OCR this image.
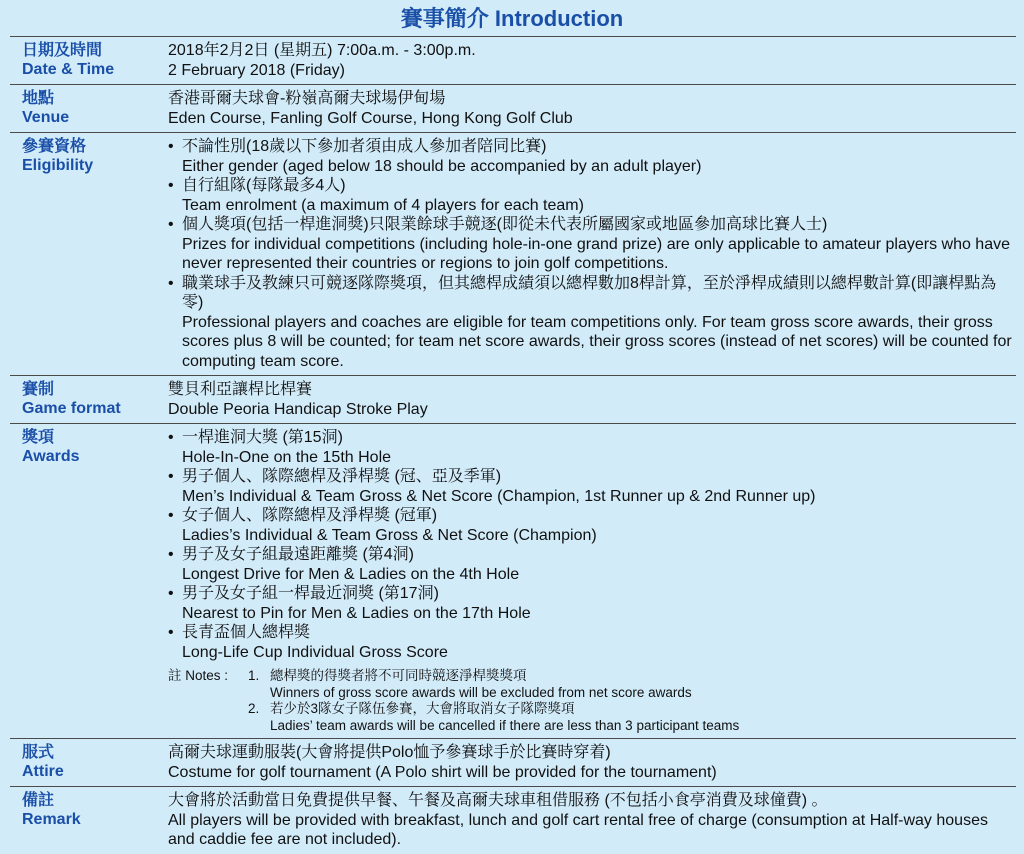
賽事簡介 Introduction
日期及時間
Date & Time

2018年2月2日 (星期五) 7:00a.m. - 3:00p.m.

2 February 2018 (Friday)

地點
Venue

香港哥爾夫球會-粉嶺高爾夫球場伊甸場

Eden Course, Fanling Golf Course, Hong Kong Golf Club

參賽資格
Eligibility
• 不論性別(18歲以下參加者須由成人參加者陪同比賽)

Either gender (aged below 18 should be accompanied by an adult player)

• 自行組隊(每隊最多4人)

Team enrolment (a maximum of 4 players for each team)

• 個人獎項(包括一桿進洞獎)只限業餘球手競逐(即從未代表所屬國家或地區參加高球比賽人士)

Prizes for individual competitions (including hole-in-one grand prize) are only applicable to amateur players who have never represented their countries or regions to join golf competitions.

• 職業球手及教練只可競逐隊際獎項，但其總桿成績須以總桿數加8桿計算，至於淨桿成績則以總桿數計算(即讓桿點為零)

Professional players and coaches are eligible for team competitions only. For team gross score awards, their gross scores plus 8 will be counted; for team net score awards, their gross scores (instead of net scores) will be counted for computing team score.

賽制
Game format

雙貝利亞讓桿比桿賽

Double Peoria Handicap Stroke Play

獎項
Awards
• 一桿進洞大獎 (第15洞)

Hole-In-One on the 15th Hole

• 男子個人、隊際總桿及淨桿獎 (冠、亞及季軍)

Men’s Individual & Team Gross & Net Score (Champion, 1st Runner up & 2nd Runner up)

• 女子個人、隊際總桿及淨桿獎 (冠軍)

Ladies’s Individual & Team Gross & Net Score (Champion)

• 男子及女子組最遠距離獎 (第4洞)

Longest Drive for Men & Ladies on the 4th Hole

• 男子及女子組一桿最近洞獎 (第17洞)

Nearest to Pin for Men & Ladies on the 17th Hole

• 長青盃個人總桿獎

Long-Life Cup Individual Gross Score

註 Notes :	1. 總桿獎的得獎者將不可同時競逐淨桿獎獎項

Winners of gross score awards will be excluded from net score awards

2. 若少於3隊女子隊伍參賽，大會將取消女子隊際獎項

Ladies’ team awards will be cancelled if there are less than 3 participant teams

服式
Attire

高爾夫球運動服裝(大會將提供Polo恤予參賽球手於比賽時穿着)

Costume for golf tournament (A Polo shirt will be provided for the tournament)

備註
Remark

大會將於活動當日免費提供早餐、午餐及高爾夫球車租借服務 (不包括小食亭消費及球僮費) 。

All players will be provided with breakfast, lunch and golf cart rental free of charge (consumption at Half-way houses and caddie fee are not included).
